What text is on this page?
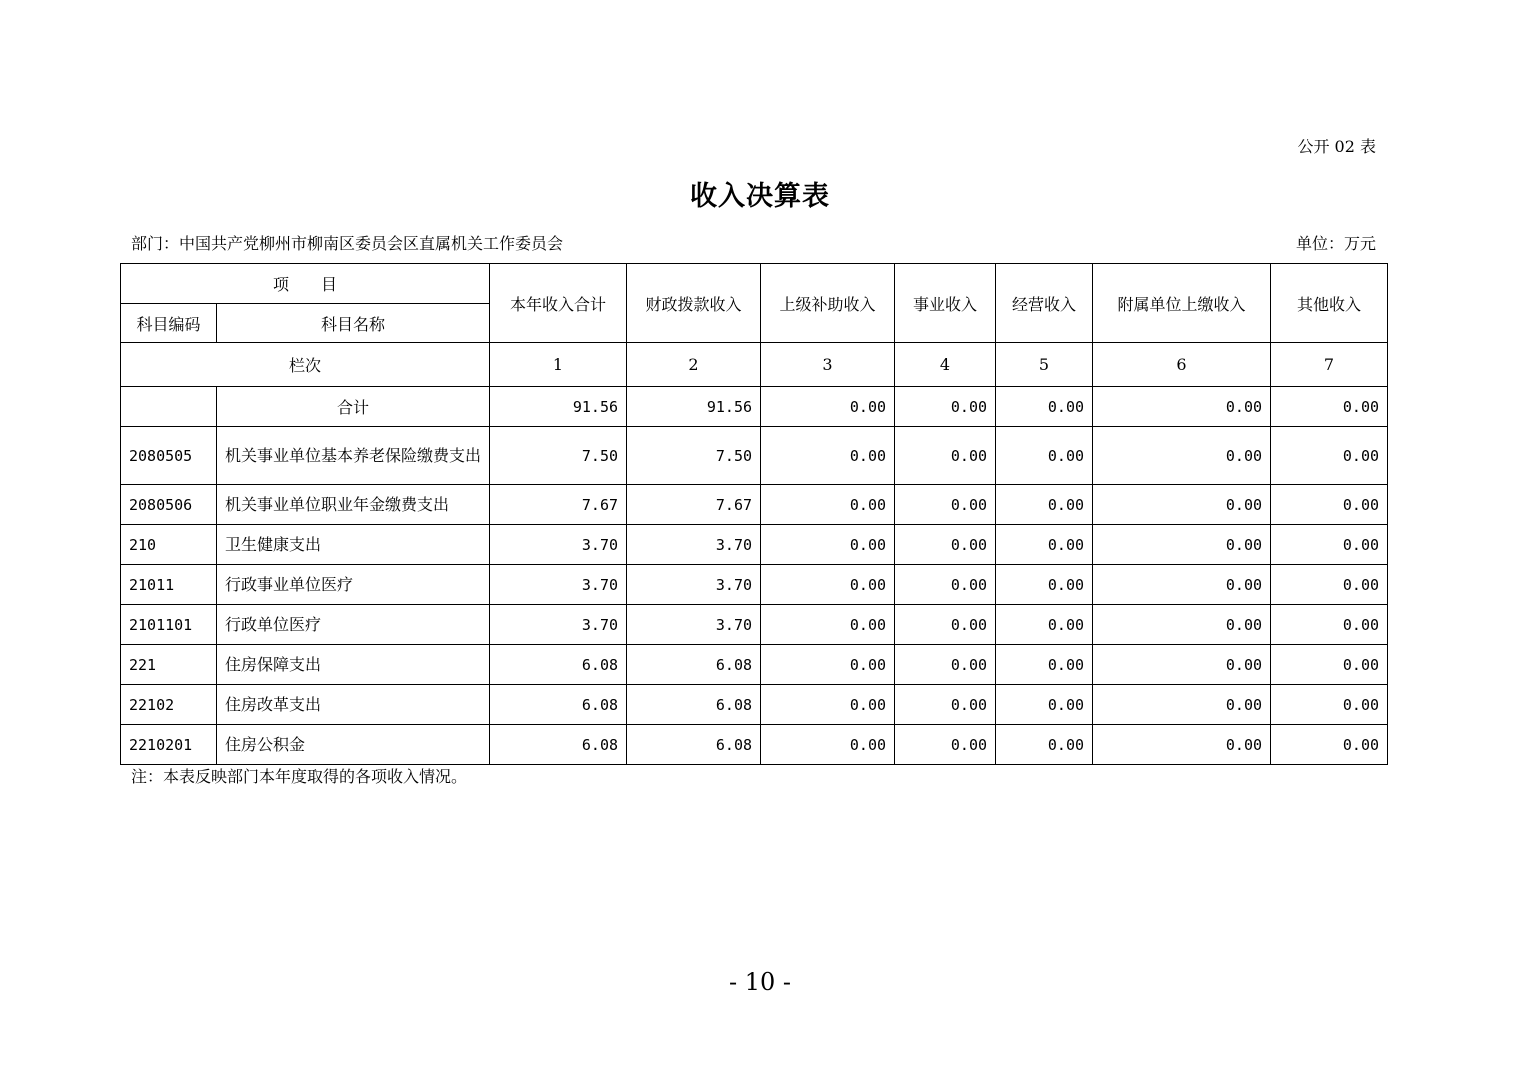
公开 02 表
收入决算表
部门：中国共产党柳州市柳南区委员会区直属机关工作委员会	单位：万元
项　　目		本年收入合计	财政拨款收入	上级补助收入	事业收入	经营收入	附属单位上缴收入	其他收入
科目编码	科目名称							
栏次		1	2	3	4	5	6	7
	合计	91.56	91.56	0.00	0.00	0.00	0.00	0.00
2080505	机关事业单位基本养老保险缴费支出	7.50	7.50	0.00	0.00	0.00	0.00	0.00
2080506	机关事业单位职业年金缴费支出	7.67	7.67	0.00	0.00	0.00	0.00	0.00
210	卫生健康支出	3.70	3.70	0.00	0.00	0.00	0.00	0.00
21011	行政事业单位医疗	3.70	3.70	0.00	0.00	0.00	0.00	0.00
2101101	行政单位医疗	3.70	3.70	0.00	0.00	0.00	0.00	0.00
221	住房保障支出	6.08	6.08	0.00	0.00	0.00	0.00	0.00
22102	住房改革支出	6.08	6.08	0.00	0.00	0.00	0.00	0.00
2210201	住房公积金	6.08	6.08	0.00	0.00	0.00	0.00	0.00
注：本表反映部门本年度取得的各项收入情况。
- 10 -
